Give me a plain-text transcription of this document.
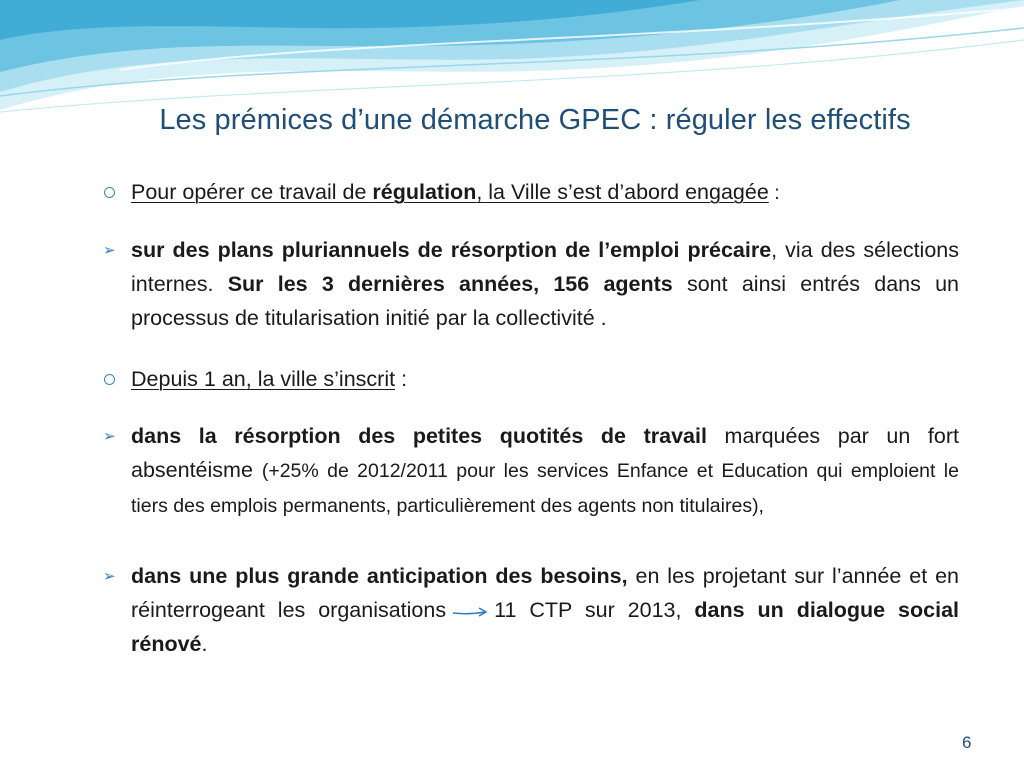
Les prémices d’une démarche GPEC : réguler les effectifs
Pour opérer ce travail de régulation, la Ville s’est d’abord engagée :
➢ sur des plans pluriannuels de résorption de l’emploi précaire, via des sélections internes. Sur les 3 dernières années, 156 agents sont ainsi entrés dans un processus de titularisation initié par la collectivité .
Depuis 1 an, la ville s’inscrit :
➢ dans la résorption des petites quotités de travail marquées par un fort absentéisme (+25% de 2012/2011 pour les services Enfance et Education qui emploient le tiers des emplois permanents, particulièrement des agents non titulaires),
➢ dans une plus grande anticipation des besoins, en les projetant sur l’année et en réinterrogeant les organisations 11 CTP sur 2013, dans un dialogue social rénové.
6
